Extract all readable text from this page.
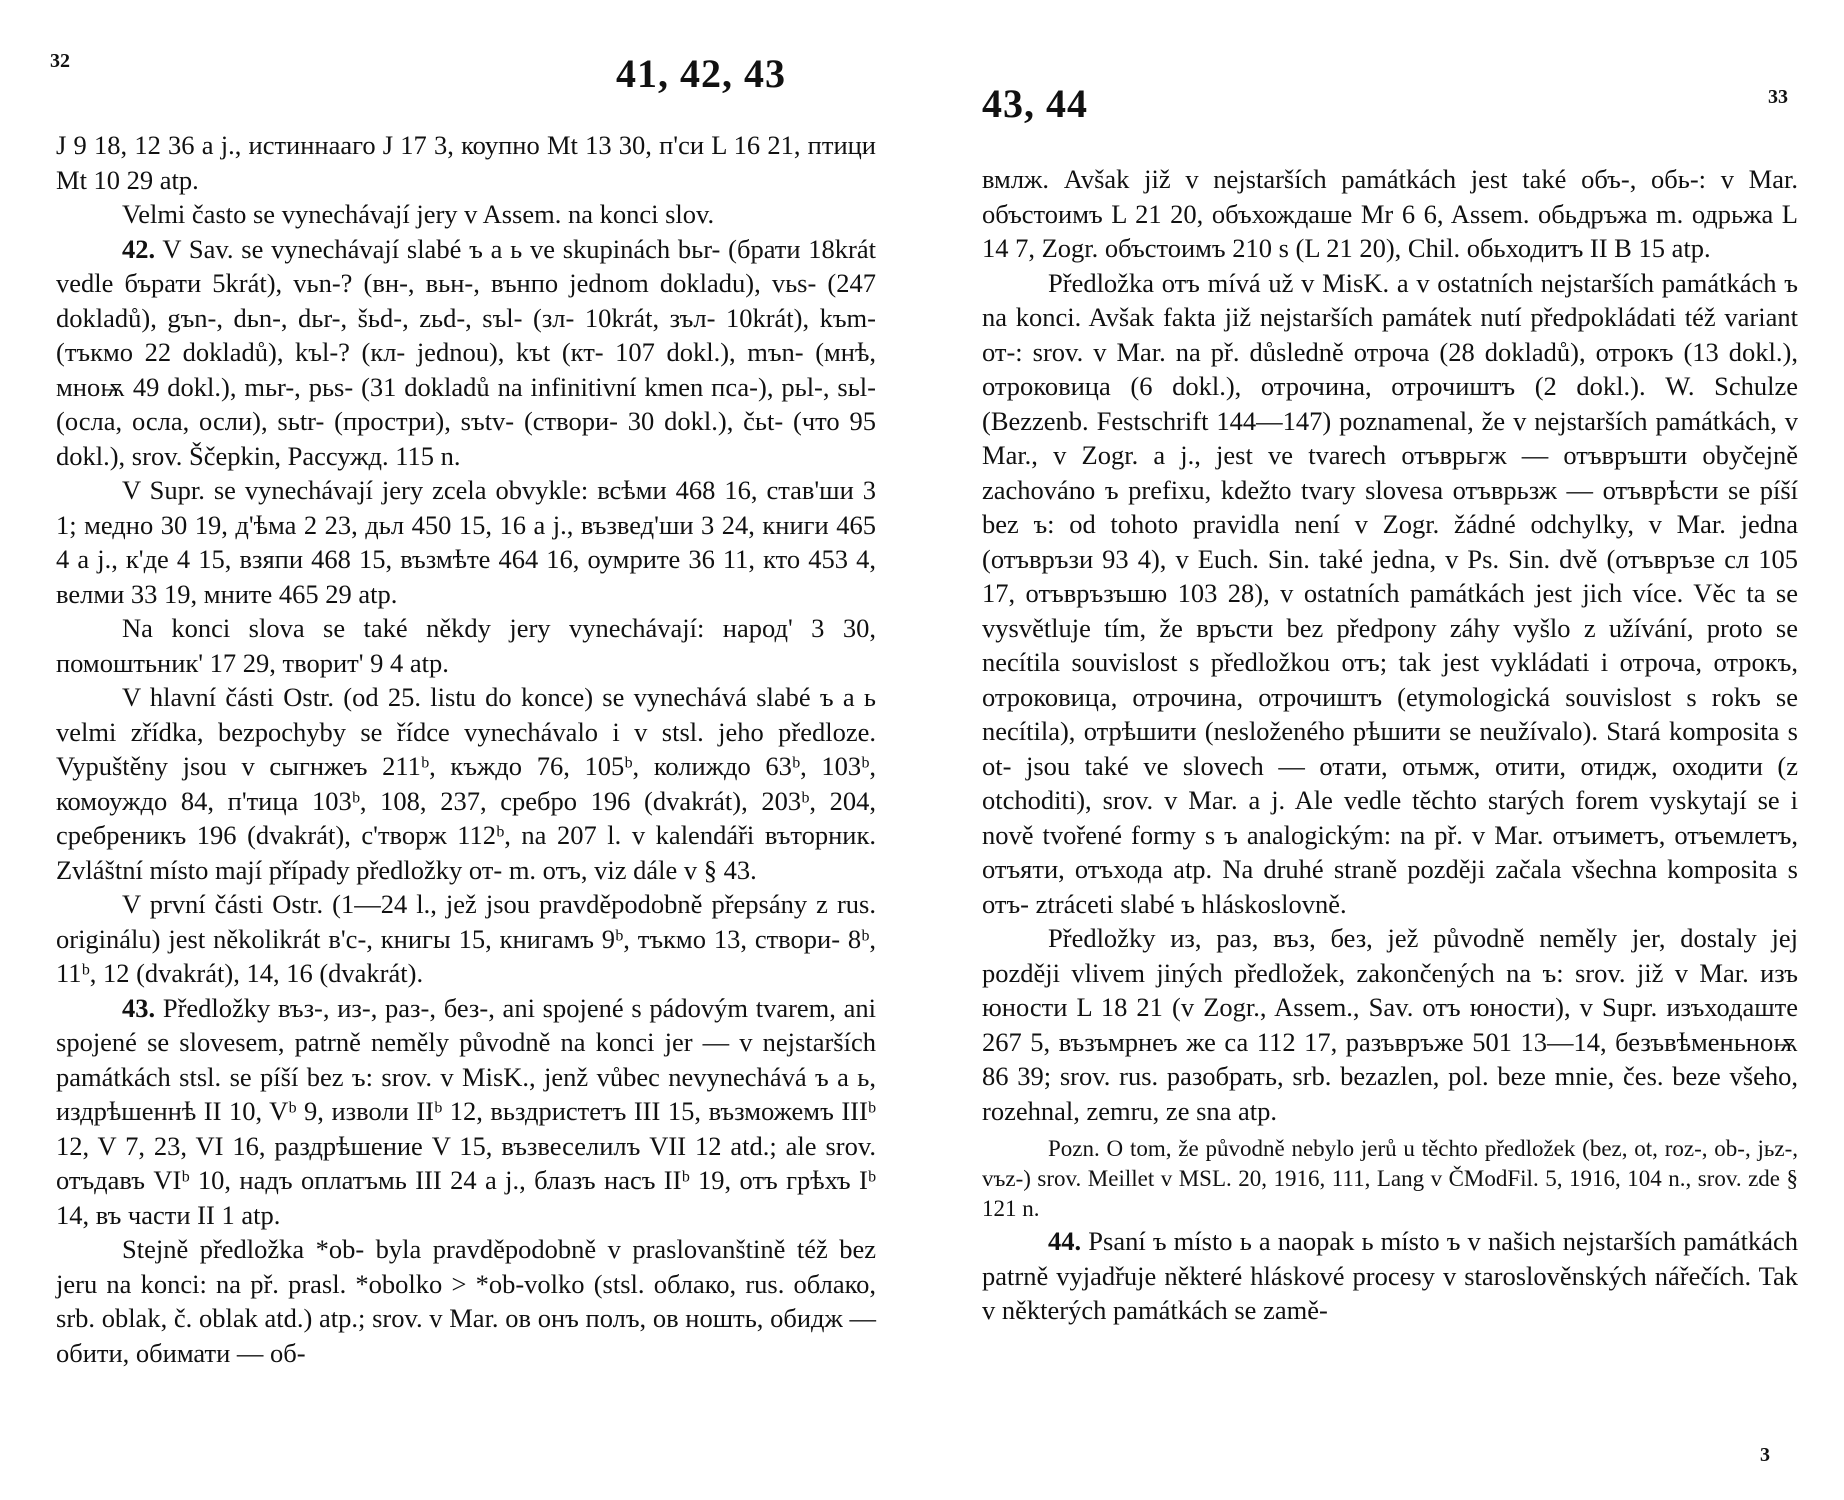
32	41, 42, 43

J 9 18, 12 36 a j., истиннааго J 17 3, коупно Mt 13 30, п'си L 16 21, птици Mt 10 29 atp.

Velmi často se vynechávají jery v Assem. na konci slov.

42. V Sav. se vynechávají slabé ъ a ь ve skupinách bьr- (брати 18krát vedle бърати 5krát), vьn-? (вн-, вьн-, вънпо jednom dokladu), vьs- (247 dokladů), gъn-, dьn-, dьr-, šьd-, zьd-, sъl- (зл- 10krát, зъл- 10krát), kъm- (тъкмо 22 dokladů), kъl-? (кл- jednou), kъt (кт- 107 dokl.), mъn- (мнѣ, мноѭ 49 dokl.), mьr-, pьs- (31 dokladů na infinitivní kmen пса-), pьl-, sьl- (осла, осла, осли), sьtr- (простри), sъtv- (створи- 30 dokl.), čьt- (что 95 dokl.), srov. Ščepkin, Рассужд. 115 n.

V Supr. se vynechávají jery zcela obvykle: всѣми 468 16, став'ши 3 1; медно 30 19, д'ѣма 2 23, дьл 450 15, 16 a j., възвед'ши 3 24, книги 465 4 a j., к'де 4 15, взяпи 468 15, възмѣте 464 16, оумрите 36 11, кто 453 4, велми 33 19, мните 465 29 atp.

Na konci slova se také někdy jery vynechávají: народ' 3 30, помоштьник' 17 29, творит' 9 4 atp.

V hlavní části Ostr. (od 25. listu do konce) se vynechává slabé ъ a ь velmi zřídka, bezpochyby se řídce vynechávalo i v stsl. jeho předloze. Vypuštěny jsou v сыгнжеъ 211ᵇ, къждо 76, 105ᵇ, колиждо 63ᵇ, 103ᵇ, комоуждо 84, п'тица 103ᵇ, 108, 237, сребро 196 (dvakrát), 203ᵇ, 204, сребреникъ 196 (dvakrát), с'творж 112ᵇ, na 207 l. v kalendáři въторник. Zvláštní místo mají případy předložky от- m. отъ, viz dále v § 43.

V první části Ostr. (1—24 l., jež jsou pravděpodobně přepsány z rus. originálu) jest několikrát в'с-, книгы 15, книгамъ 9ᵇ, тъкмо 13, створи- 8ᵇ, 11ᵇ, 12 (dvakrát), 14, 16 (dvakrát).

43. Předložky въз-, из-, раз-, без-, ani spojené s pádovým tvarem, ani spojené se slovesem, patrně neměly původně na konci jer — v nejstarších památkách stsl. se píší bez ъ: srov. v MisK., jenž vůbec nevynechává ъ a ь, издрѣшеннѣ II 10, Vᵇ 9, изволи IIᵇ 12, вьздристетъ III 15, възможемъ IIIᵇ 12, V 7, 23, VI 16, раздрѣшение V 15, възвеселилъ VII 12 atd.; ale srov. отъдавъ VIᵇ 10, надъ оплатъмь III 24 a j., блазъ насъ IIᵇ 19, отъ грѣхъ Iᵇ 14, въ части II 1 atp.

Stejně předložka *ob- byla pravděpodobně v praslovanštině též bez jeru na konci: na př. prasl. *obolko > *ob-volko (stsl. облако, rus. облако, srb. oblak, č. oblak atd.) atp.; srov. v Mar. ов онъ полъ, ов ношть, обидж — обити, обимати — об-

43, 44	33

вмлж. Avšak již v nejstarších památkách jest také объ-, обь-: v Mar. объстоимъ L 21 20, объхождаше Mr 6 6, Assem. обьдръжа m. одрьжа L 14 7, Zogr. объстоимъ 210 s (L 21 20), Chil. обьходитъ II B 15 atp.

Předložka отъ mívá už v MisK. a v ostatních nejstarších památkách ъ na konci. Avšak fakta již nejstarších památek nutí předpokládati též variant от-: srov. v Mar. na př. důsledně отроча (28 dokladů), отрокъ (13 dokl.), отроковица (6 dokl.), отрочина, отрочиштъ (2 dokl.). W. Schulze (Bezzenb. Festschrift 144—147) poznamenal, že v nejstarších památkách, v Mar., v Zogr. a j., jest ve tvarech отъврьгж — отъвръшти obyčejně zachováno ъ prefixu, kdežto tvary slovesa отъврьзж — отъврѣсти se píší bez ъ: od tohoto pravidla není v Zogr. žádné odchylky, v Mar. jedna (отъвръзи 93 4), v Euch. Sin. také jedna, v Ps. Sin. dvě (отъвръзе сл 105 17, отъвръзъшю 103 28), v ostatních památkách jest jich více. Věc ta se vysvětluje tím, že връсти bez předpony záhy vyšlo z užívání, proto se necítila souvislost s předložkou отъ; tak jest vykládati i отроча, отрокъ, отроковица, отрочина, отрочиштъ (etymologická souvislost s rokъ se necítila), отрѣшити (nesloženého рѣшити se neužívalo). Stará komposita s ot- jsou také ve slovech — отати, отьмж, отити, отидж, оходити (z otchoditi), srov. v Mar. a j. Ale vedle těchto starých forem vyskytají se i nově tvořené formy s ъ analogickým: na př. v Mar. отъиметъ, отъемлетъ, отъяти, отъхода atp. Na druhé straně později začala všechna komposita s отъ- ztráceti slabé ъ hláskoslovně.

Předložky из, раз, въз, без, jež původně neměly jer, dostaly jej později vlivem jiných předložek, zakončených na ъ: srov. již v Mar. изъ юности L 18 21 (v Zogr., Assem., Sav. отъ юности), v Supr. изъходаште 267 5, възъмрнеъ же са 112 17, разъвръже 501 13—14, безъвѣменьноѭ 86 39; srov. rus. разобрать, srb. bezazlen, pol. beze mnie, čes. beze všeho, rozehnal, zemru, ze sna atp.

Pozn. O tom, že původně nebylo jerů u těchto předložek (bez, ot, roz-, ob-, jьz-, vъz-) srov. Meillet v MSL. 20, 1916, 111, Lang v ČModFil. 5, 1916, 104 n., srov. zde § 121 n.

44. Psaní ъ místo ь a naopak ь místo ъ v našich nejstarších památkách patrně vyjadřuje některé hláskové procesy v staroslověnských nářečích. Tak v některých památkách se zamě-

3
